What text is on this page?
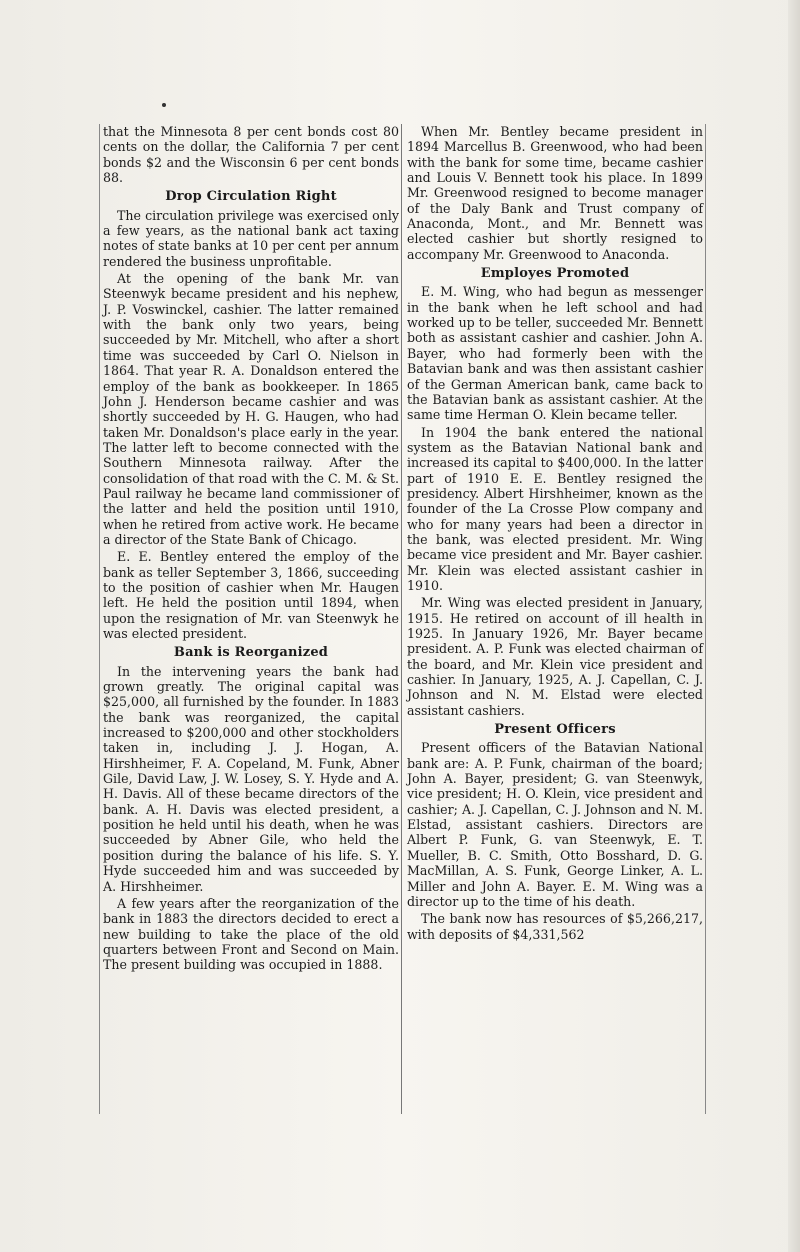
that the Minnesota 8 per cent bonds cost 80 cents on the dollar, the California 7 per cent bonds $2 and the Wisconsin 6 per cent bonds 88.

Drop Circulation Right

The circulation privilege was exercised only a few years, as the national bank act taxing notes of state banks at 10 per cent per annum rendered the business unprofitable.

At the opening of the bank Mr. van Steenwyk became president and his nephew, J. P. Voswinckel, cashier. The latter remained with the bank only two years, being succeeded by Mr. Mitchell, who after a short time was succeeded by Carl O. Nielson in 1864. That year R. A. Donaldson entered the employ of the bank as bookkeeper. In 1865 John J. Henderson became cashier and was shortly succeeded by H. G. Haugen, who had taken Mr. Donaldson's place early in the year. The latter left to become connected with the Southern Minnesota railway. After the consolidation of that road with the C. M. & St. Paul railway he became land commissioner of the latter and held the position until 1910, when he retired from active work. He became a director of the State Bank of Chicago.

E. E. Bentley entered the employ of the bank as teller September 3, 1866, succeeding to the position of cashier when Mr. Haugen left. He held the position until 1894, when upon the resignation of Mr. van Steenwyk he was elected president.

Bank is Reorganized

In the intervening years the bank had grown greatly. The original capital was $25,000, all furnished by the founder. In 1883 the bank was reorganized, the capital increased to $200,000 and other stockholders taken in, including J. J. Hogan, A. Hirshheimer, F. A. Copeland, M. Funk, Abner Gile, David Law, J. W. Losey, S. Y. Hyde and A. H. Davis. All of these became directors of the bank. A. H. Davis was elected president, a position he held until his death, when he was succeeded by Abner Gile, who held the position during the balance of his life. S. Y. Hyde succeeded him and was succeeded by A. Hirshheimer.

A few years after the reorganization of the bank in 1883 the directors decided to erect a new building to take the place of the old quarters between Front and Second on Main. The present building was occupied in 1888.

When Mr. Bentley became president in 1894 Marcellus B. Greenwood, who had been with the bank for some time, became cashier and Louis V. Bennett took his place. In 1899 Mr. Greenwood resigned to become manager of the Daly Bank and Trust company of Anaconda, Mont., and Mr. Bennett was elected cashier but shortly resigned to accompany Mr. Greenwood to Anaconda.

Employes Promoted

E. M. Wing, who had begun as messenger in the bank when he left school and had worked up to be teller, succeeded Mr. Bennett both as assistant cashier and cashier. John A. Bayer, who had formerly been with the Batavian bank and was then assistant cashier of the German American bank, came back to the Batavian bank as assistant cashier. At the same time Herman O. Klein became teller.

In 1904 the bank entered the national system as the Batavian National bank and increased its capital to $400,000. In the latter part of 1910 E. E. Bentley resigned the presidency. Albert Hirshheimer, known as the founder of the La Crosse Plow company and who for many years had been a director in the bank, was elected president. Mr. Wing became vice president and Mr. Bayer cashier. Mr. Klein was elected assistant cashier in 1910.

Mr. Wing was elected president in January, 1915. He retired on account of ill health in 1925. In January 1926, Mr. Bayer became president. A. P. Funk was elected chairman of the board, and Mr. Klein vice president and cashier. In January, 1925, A. J. Capellan, C. J. Johnson and N. M. Elstad were elected assistant cashiers.

Present Officers

Present officers of the Batavian National bank are: A. P. Funk, chairman of the board; John A. Bayer, president; G. van Steenwyk, vice president; H. O. Klein, vice president and cashier; A. J. Capellan, C. J. Johnson and N. M. Elstad, assistant cashiers. Directors are Albert P. Funk, G. van Steenwyk, E. T. Mueller, B. C. Smith, Otto Bosshard, D. G. MacMillan, A. S. Funk, George Linker, A. L. Miller and John A. Bayer. E. M. Wing was a director up to the time of his death.

The bank now has resources of $5,266,217, with deposits of $4,331,562
